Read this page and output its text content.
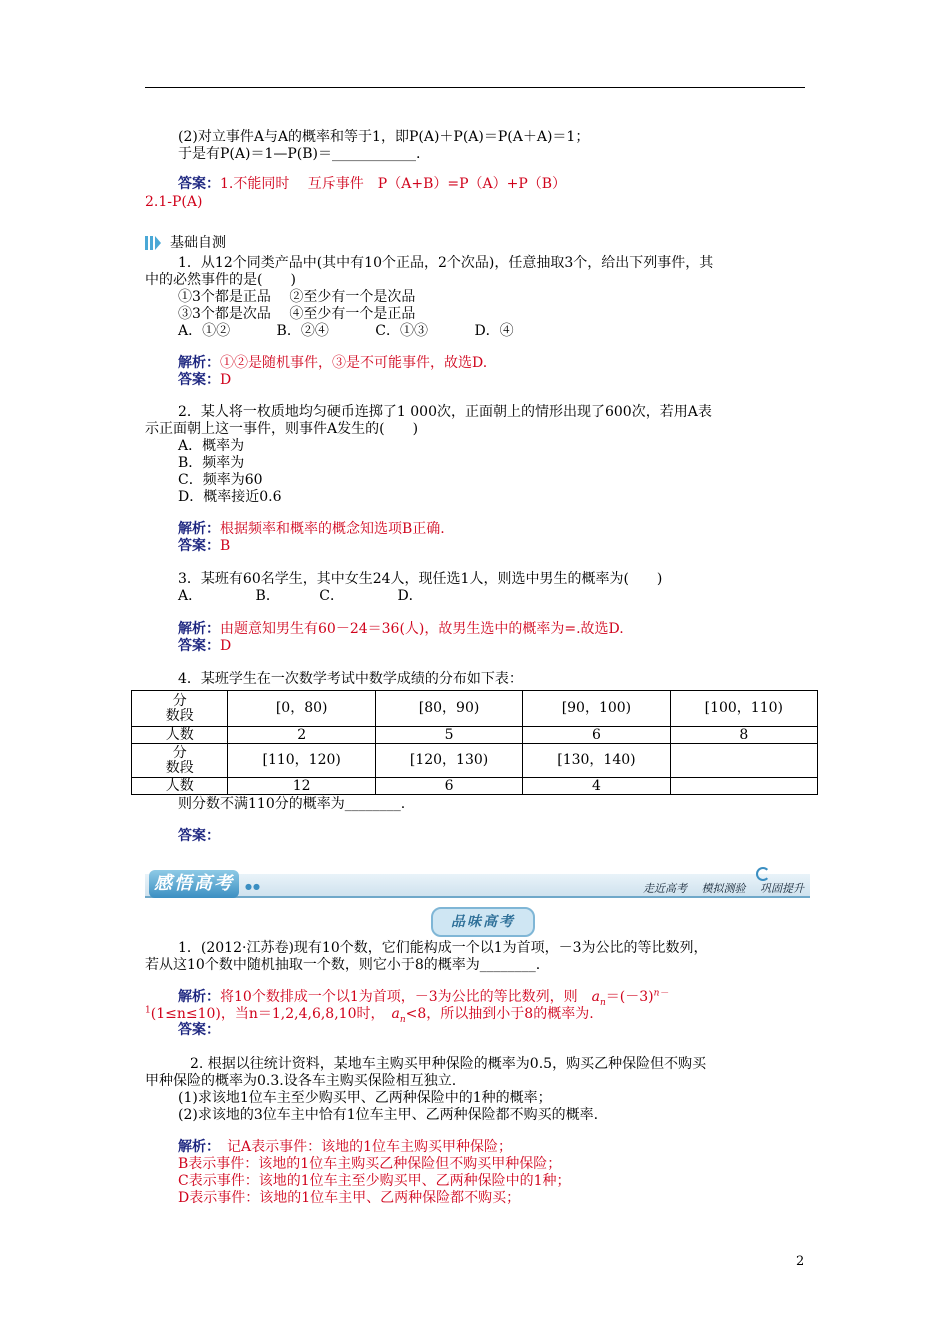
(2)对立事件A与A的概率和等于1，即P(A)＋P(A)＝P(A＋A)＝1；
于是有P(A)＝1—P(B)＝____________.
答案：1.不能同时　 互斥事件　P（A+B）=P（A）+P（B）
2.1-P(A)
基础自测
1．从12个同类产品中(其中有10个正品，2个次品)，任意抽取3个，给出下列事件，其
中的必然事件的是(　　)
①3个都是正品　 ②至少有一个是次品
③3个都是次品　 ④至少有一个是正品
A．①②　　　 B．②④　　　 C．①③　　　 D．④
解析：①②是随机事件，③是不可能事件，故选D.
答案：D
2．某人将一枚质地均匀硬币连掷了1 000次，正面朝上的情形出现了600次，若用A表
示正面朝上这一事件，则事件A发生的(　　)
A．概率为
B．频率为
C．频率为60
D．概率接近0.6
解析：根据频率和概率的概念知选项B正确.
答案：B
3．某班有60名学生，其中女生24人，现任选1人，则选中男生的概率为(　　)
A．　　　　 B．　　　 C．　　　　 D．
解析：由题意知男生有60－24＝36(人)，故男生选中的概率为=.故选D.
答案：D
4．某班学生在一次数学考试中数学成绩的分布如下表：
分
数段	[0，80)	[80，90)	[90，100)	[100，110)
人数	2	5	6	8
分
数段	[110，120)	[120，130)	[130，140)	
人数	12	6	4	
则分数不满110分的概率为________.
答案：
感悟高考	●●	走近高考　 模拟测验　 巩固提升
品味高考
1．(2012·江苏卷)现有10个数，它们能构成一个以1为首项，－3为公比的等比数列，
若从这10个数中随机抽取一个数，则它小于8的概率为________.
解析：将10个数排成一个以1为首项，－3为公比的等比数列，则　 $a_n=(-3)^{n-}$
$^1$(1≤n≤10)，当n＝1,2,4,6,8,10时，　 $a_n<8$，所以抽到小于8的概率为.
答案：
2. 根据以往统计资料，某地车主购买甲种保险的概率为0.5，购买乙种保险但不购买
甲种保险的概率为0.3.设各车主购买保险相互独立.
(1)求该地1位车主至少购买甲、乙两种保险中的1种的概率；
(2)求该地的3位车主中恰有1位车主甲、乙两种保险都不购买的概率.
解析：　 记A表示事件：该地的1位车主购买甲种保险；
B表示事件：该地的1位车主购买乙种保险但不购买甲种保险；
C表示事件：该地的1位车主至少购买甲、乙两种保险中的1种；
D表示事件：该地的1位车主甲、乙两种保险都不购买；
2
